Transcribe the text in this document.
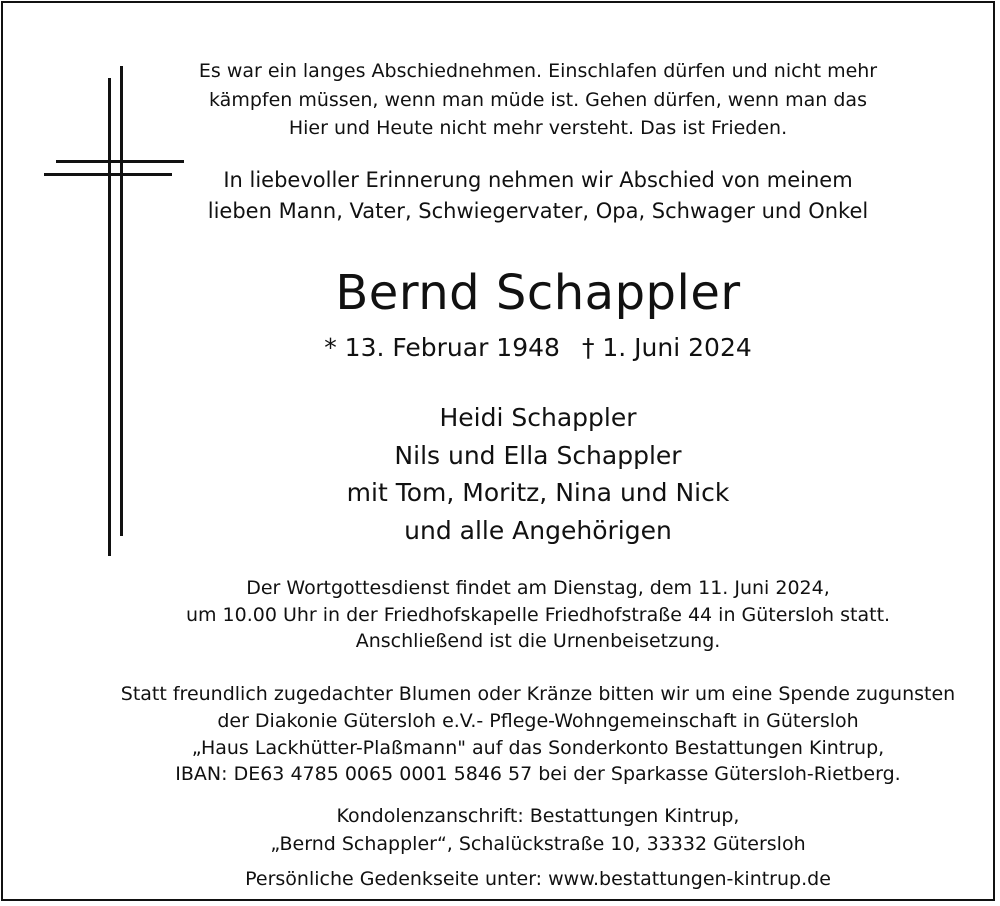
Es war ein langes Abschiednehmen. Einschlafen dürfen und nicht mehr
kämpfen müssen, wenn man müde ist. Gehen dürfen, wenn man das
Hier und Heute nicht mehr versteht. Das ist Frieden.
In liebevoller Erinnerung nehmen wir Abschied von meinem
lieben Mann, Vater, Schwiegervater, Opa, Schwager und Onkel
Bernd Schappler
* 13. Februar 1948 † 1. Juni 2024
Heidi Schappler
Nils und Ella Schappler
mit Tom, Moritz, Nina und Nick
und alle Angehörigen
Der Wortgottesdienst findet am Dienstag, dem 11. Juni 2024,
um 10.00 Uhr in der Friedhofskapelle Friedhofstraße 44 in Gütersloh statt.
Anschließend ist die Urnenbeisetzung.
Statt freundlich zugedachter Blumen oder Kränze bitten wir um eine Spende zugunsten
der Diakonie Gütersloh e.V.- Pflege-Wohngemeinschaft in Gütersloh
„Haus Lackhütter-Plaßmann" auf das Sonderkonto Bestattungen Kintrup,
IBAN: DE63 4785 0065 0001 5846 57 bei der Sparkasse Gütersloh-Rietberg.
Kondolenzanschrift: Bestattungen Kintrup,
„Bernd Schappler“, Schalückstraße 10, 33332 Gütersloh
Persönliche Gedenkseite unter: www.bestattungen-kintrup.de
